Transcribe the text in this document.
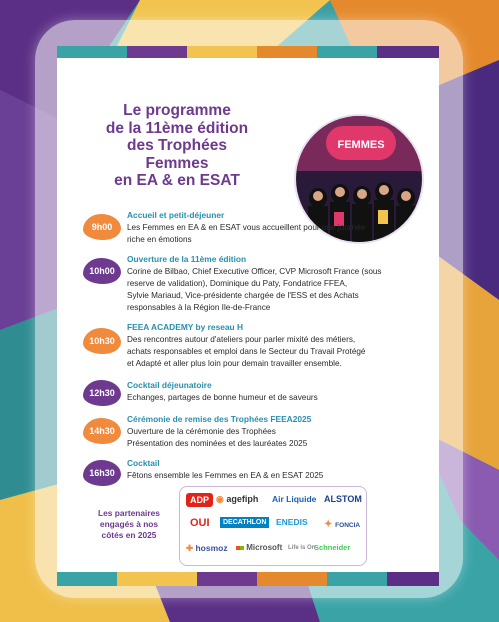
Le programme
de la 11ème édition
des Trophées
Femmes
en EA & en ESAT
FEMMES
9h00
Accueil et petit-déjeuner
Les Femmes en EA & en ESAT vous accueillent pour une journée
riche en émotions
10h00
Ouverture de la 11ème édition
Corine de Bilbao, Chief Executive Officer, CVP Microsoft France (sous
reserve de validation), Dominique du Paty, Fondatrice FFEA,
Sylvie Mariaud, Vice-présidente chargée de l'ESS et des Achats
responsables à la Région Ile-de-France
10h30
FEEA ACADEMY by reseau H
Des rencontres autour d'ateliers pour parler mixité des métiers,
achats responsables et emploi dans le Secteur du Travail Protégé
et Adapté et aller plus loin pour demain travailler ensemble.
12h30
Cocktail déjeunatoire
Echanges, partages de bonne humeur et de saveurs
14h30
Cérémonie de remise des Trophées FEEA2025
Ouverture de la cérémonie des Trophées
Présentation des nominées et des lauréates 2025
16h30
Cocktail
Fêtons ensemble les Femmes en EA & en ESAT 2025
Les partenaires
engagés à nos
côtés en 2025
ADP ◉ agefiph Air Liquide ALSTOM
OUI	DECATHLON	ENEDIS ✦ FONCIA
✚ hosmoz	Microsoft Life is On
Schneider
